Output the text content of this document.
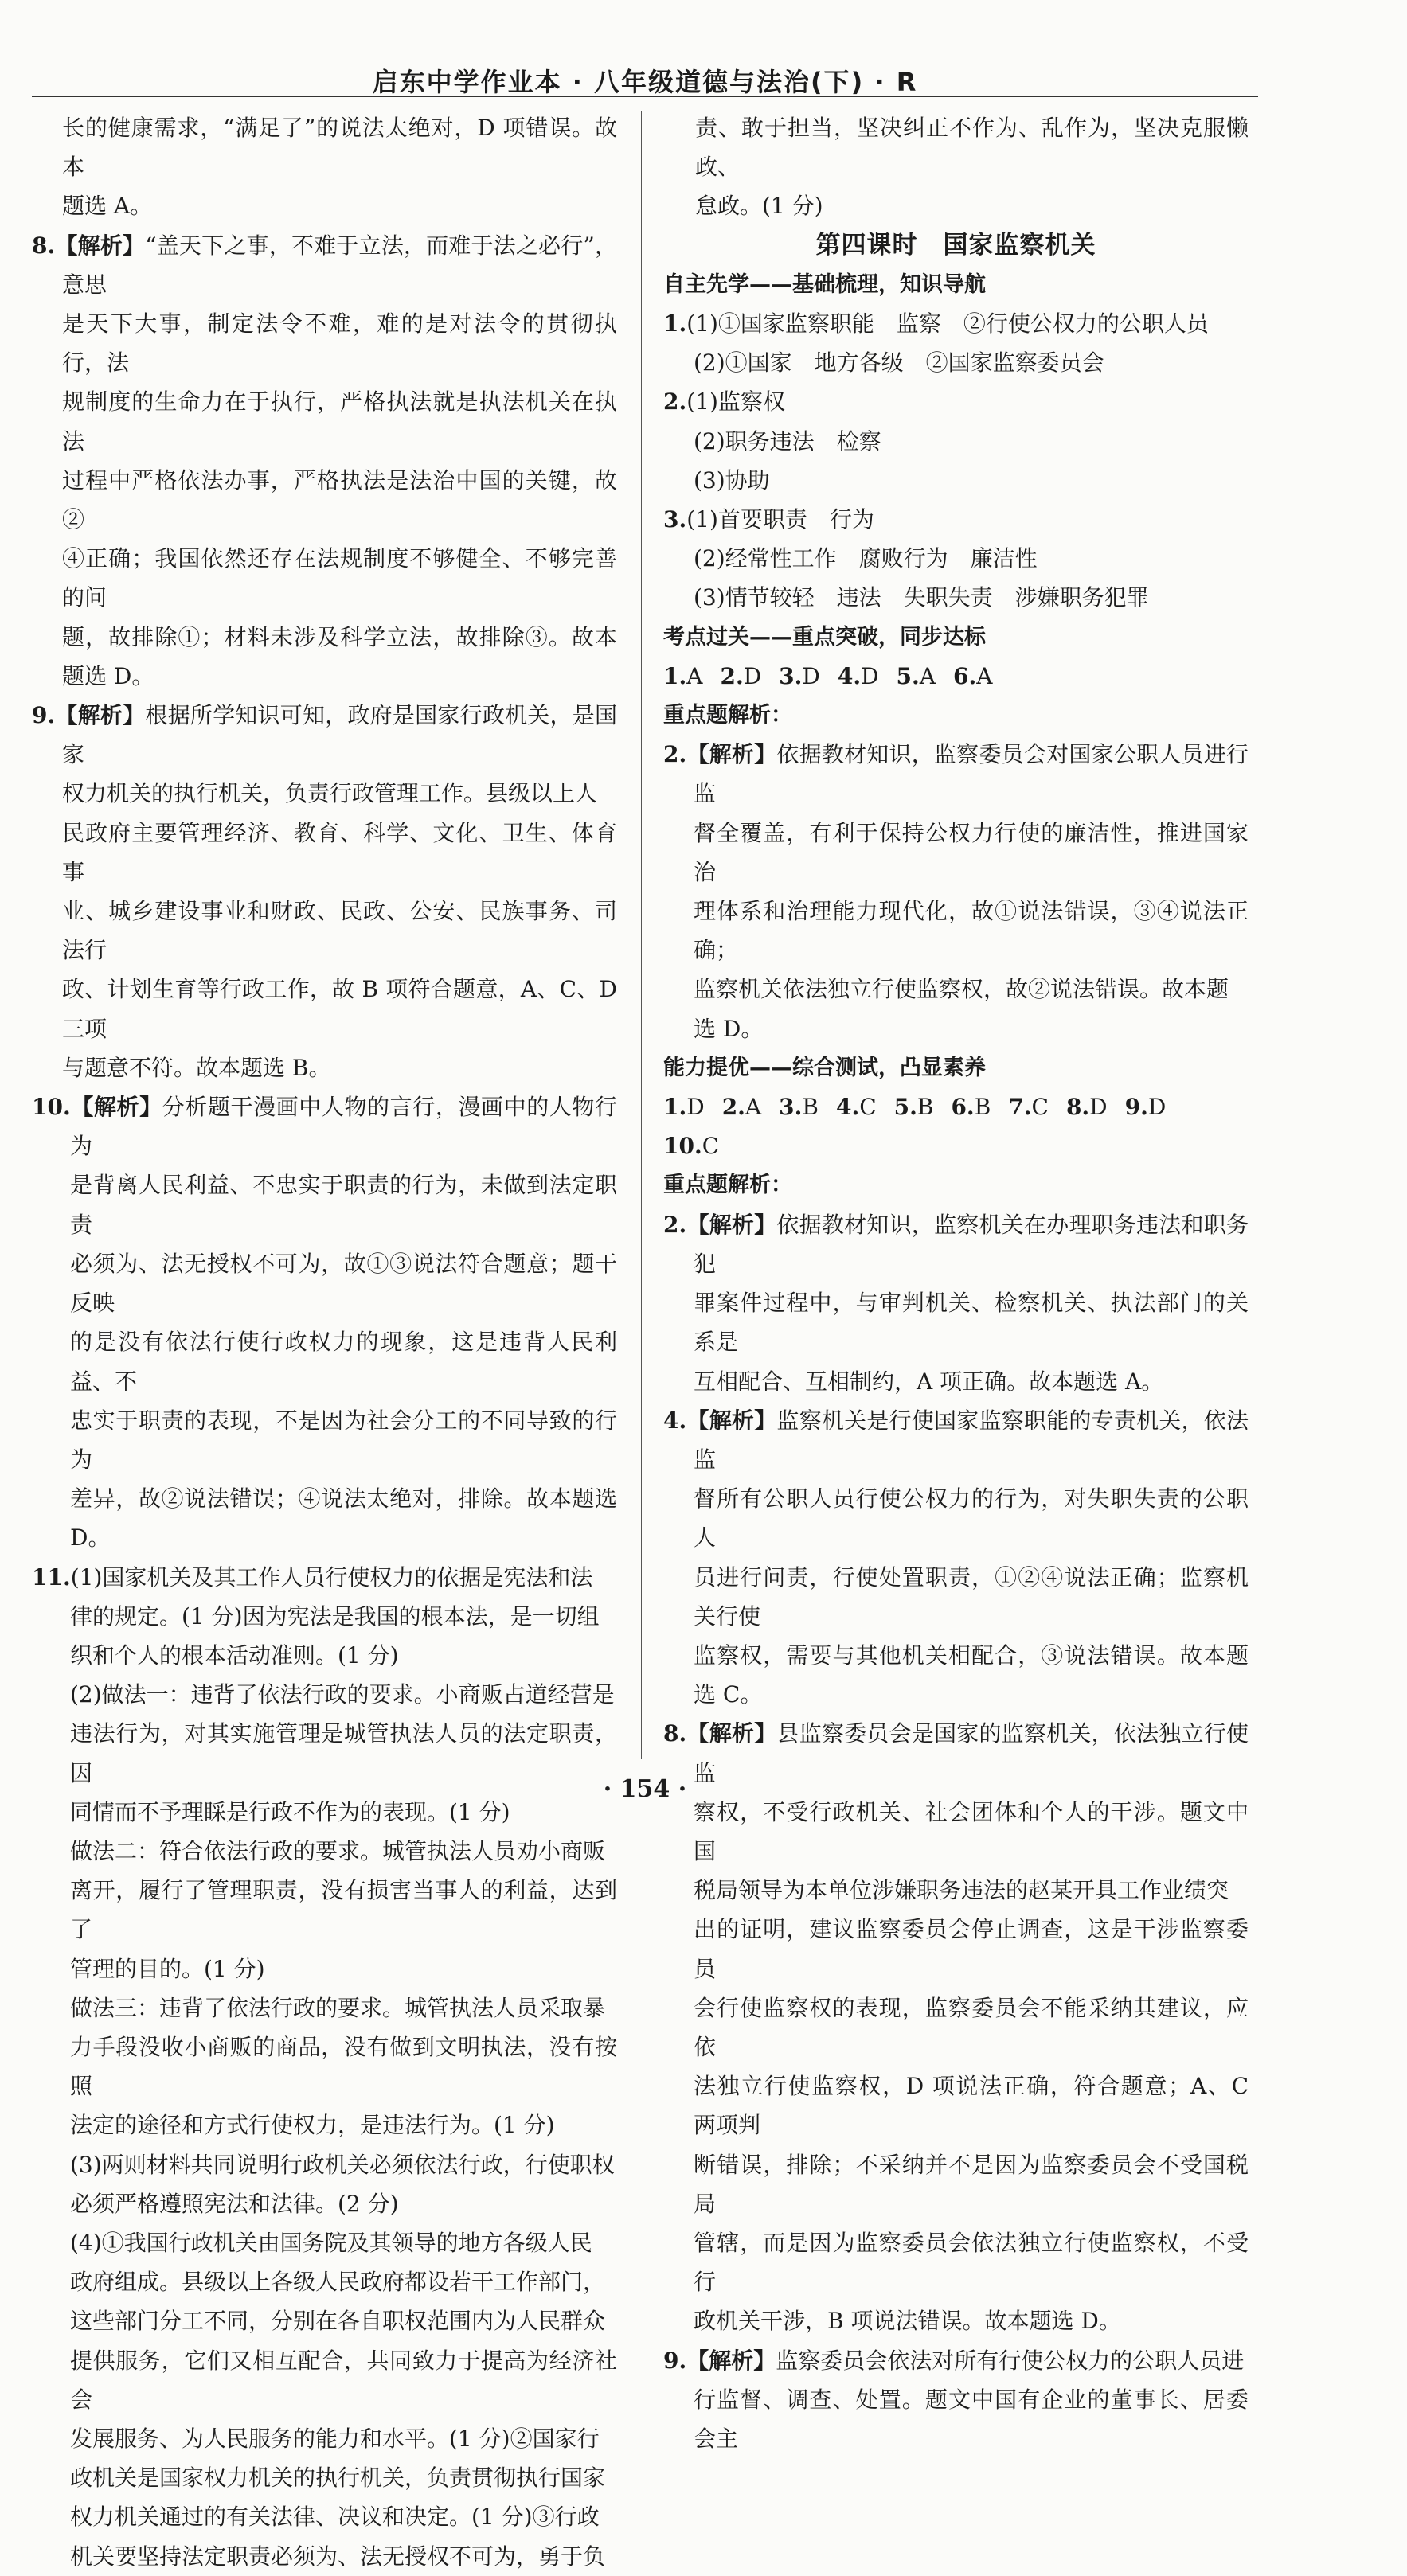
启东中学作业本 · 八年级道德与法治(下) · R

长的健康需求，“满足了”的说法太绝对，D 项错误。故本

题选 A。

8.【解析】“盖天下之事，不难于立法，而难于法之必行”，意思

是天下大事，制定法令不难，难的是对法令的贯彻执行，法

规制度的生命力在于执行，严格执法就是执法机关在执法

过程中严格依法办事，严格执法是法治中国的关键，故②

④正确；我国依然还存在法规制度不够健全、不够完善的问

题，故排除①；材料未涉及科学立法，故排除③。故本题选 D。

9.【解析】根据所学知识可知，政府是国家行政机关，是国家

权力机关的执行机关，负责行政管理工作。县级以上人

民政府主要管理经济、教育、科学、文化、卫生、体育事

业、城乡建设事业和财政、民政、公安、民族事务、司法行

政、计划生育等行政工作，故 B 项符合题意，A、C、D 三项

与题意不符。故本题选 B。

10.【解析】分析题干漫画中人物的言行，漫画中的人物行为

是背离人民利益、不忠实于职责的行为，未做到法定职责

必须为、法无授权不可为，故①③说法符合题意；题干反映

的是没有依法行使行政权力的现象，这是违背人民利益、不

忠实于职责的表现，不是因为社会分工的不同导致的行为

差异，故②说法错误；④说法太绝对，排除。故本题选 D。

11.(1)国家机关及其工作人员行使权力的依据是宪法和法

律的规定。(1 分)因为宪法是我国的根本法，是一切组

织和个人的根本活动准则。(1 分)

(2)做法一：违背了依法行政的要求。小商贩占道经营是

违法行为，对其实施管理是城管执法人员的法定职责，因

同情而不予理睬是行政不作为的表现。(1 分)

做法二：符合依法行政的要求。城管执法人员劝小商贩

离开，履行了管理职责，没有损害当事人的利益，达到了

管理的目的。(1 分)

做法三：违背了依法行政的要求。城管执法人员采取暴

力手段没收小商贩的商品，没有做到文明执法，没有按照

法定的途径和方式行使权力，是违法行为。(1 分)

(3)两则材料共同说明行政机关必须依法行政，行使职权

必须严格遵照宪法和法律。(2 分)

(4)①我国行政机关由国务院及其领导的地方各级人民

政府组成。县级以上各级人民政府都设若干工作部门，

这些部门分工不同，分别在各自职权范围内为人民群众

提供服务，它们又相互配合，共同致力于提高为经济社会

发展服务、为人民服务的能力和水平。(1 分)②国家行

政机关是国家权力机关的执行机关，负责贯彻执行国家

权力机关通过的有关法律、决议和决定。(1 分)③行政

机关要坚持法定职责必须为、法无授权不可为，勇于负

责、敢于担当，坚决纠正不作为、乱作为，坚决克服懒政、

怠政。(1 分)

第四课时　国家监察机关

自主先学——基础梳理，知识导航

1.(1)①国家监察职能　监察　②行使公权力的公职人员

(2)①国家　地方各级　②国家监察委员会

2.(1)监察权

(2)职务违法　检察

(3)协助

3.(1)首要职责　行为

(2)经常性工作　腐败行为　廉洁性

(3)情节较轻　违法　失职失责　涉嫌职务犯罪

考点过关——重点突破，同步达标

1.A 2.D 3.D 4.D 5.A 6.A

重点题解析：

2.【解析】依据教材知识，监察委员会对国家公职人员进行监

督全覆盖，有利于保持公权力行使的廉洁性，推进国家治

理体系和治理能力现代化，故①说法错误，③④说法正确；

监察机关依法独立行使监察权，故②说法错误。故本题

选 D。

能力提优——综合测试，凸显素养

1.D 2.A 3.B 4.C 5.B 6.B 7.C 8.D 9.D

10.C

重点题解析：

2.【解析】依据教材知识，监察机关在办理职务违法和职务犯

罪案件过程中，与审判机关、检察机关、执法部门的关系是

互相配合、互相制约，A 项正确。故本题选 A。

4.【解析】监察机关是行使国家监察职能的专责机关，依法监

督所有公职人员行使公权力的行为，对失职失责的公职人

员进行问责，行使处置职责，①②④说法正确；监察机关行使

监察权，需要与其他机关相配合，③说法错误。故本题选 C。

8.【解析】县监察委员会是国家的监察机关，依法独立行使监

察权，不受行政机关、社会团体和个人的干涉。题文中国

税局领导为本单位涉嫌职务违法的赵某开具工作业绩突

出的证明，建议监察委员会停止调查，这是干涉监察委员

会行使监察权的表现，监察委员会不能采纳其建议，应依

法独立行使监察权，D 项说法正确，符合题意；A、C 两项判

断错误，排除；不采纳并不是因为监察委员会不受国税局

管辖，而是因为监察委员会依法独立行使监察权，不受行

政机关干涉，B 项说法错误。故本题选 D。

9.【解析】监察委员会依法对所有行使公权力的公职人员进

行监督、调查、处置。题文中国有企业的董事长、居委会主

· 154 ·
